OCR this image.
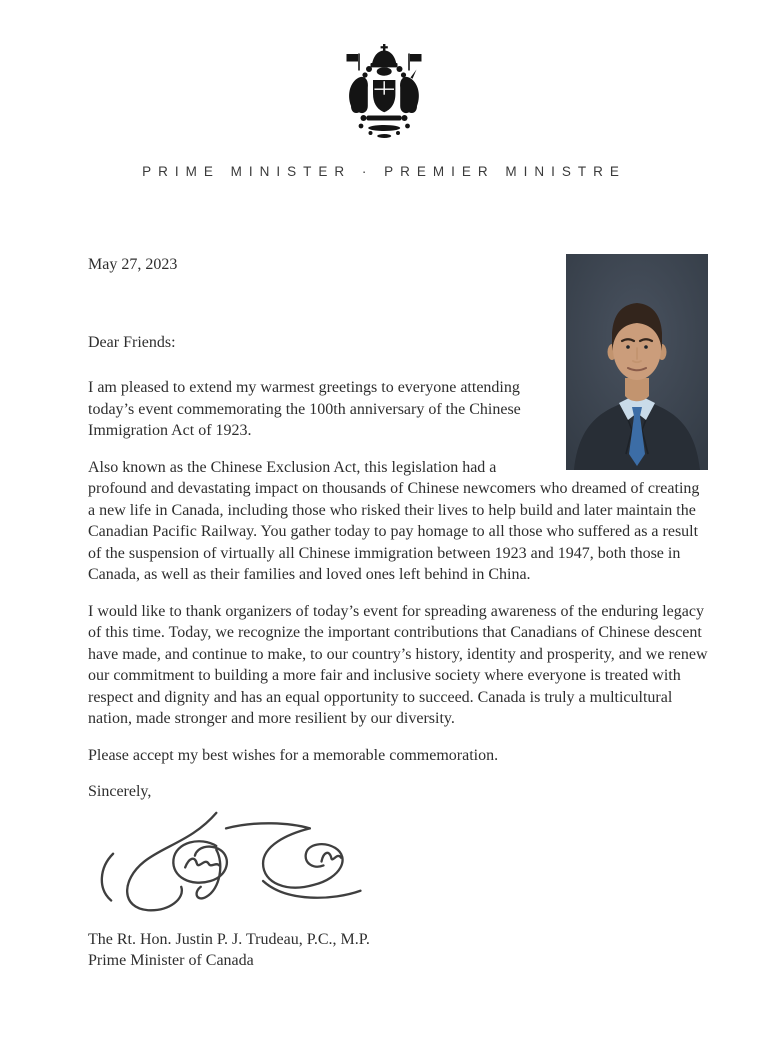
PRIME MINISTER · PREMIER MINISTRE

May 27, 2023

Dear Friends:

I am pleased to extend my warmest greetings to everyone attending today’s event commemorating the 100th anniversary of the Chinese Immigration Act of 1923.

Also known as the Chinese Exclusion Act, this legislation had a profound and devastating impact on thousands of Chinese newcomers who dreamed of creating a new life in Canada, including those who risked their lives to help build and later maintain the Canadian Pacific Railway. You gather today to pay homage to all those who suffered as a result of the suspension of virtually all Chinese immigration between 1923 and 1947, both those in Canada, as well as their families and loved ones left behind in China.

I would like to thank organizers of today’s event for spreading awareness of the enduring legacy of this time. Today, we recognize the important contributions that Canadians of Chinese descent have made, and continue to make, to our country’s history, identity and prosperity, and we renew our commitment to building a more fair and inclusive society where everyone is treated with respect and dignity and has an equal opportunity to succeed. Canada is truly a multicultural nation, made stronger and more resilient by our diversity.

Please accept my best wishes for a memorable commemoration.

Sincerely,

The Rt. Hon. Justin P. J. Trudeau, P.C., M.P.

Prime Minister of Canada
